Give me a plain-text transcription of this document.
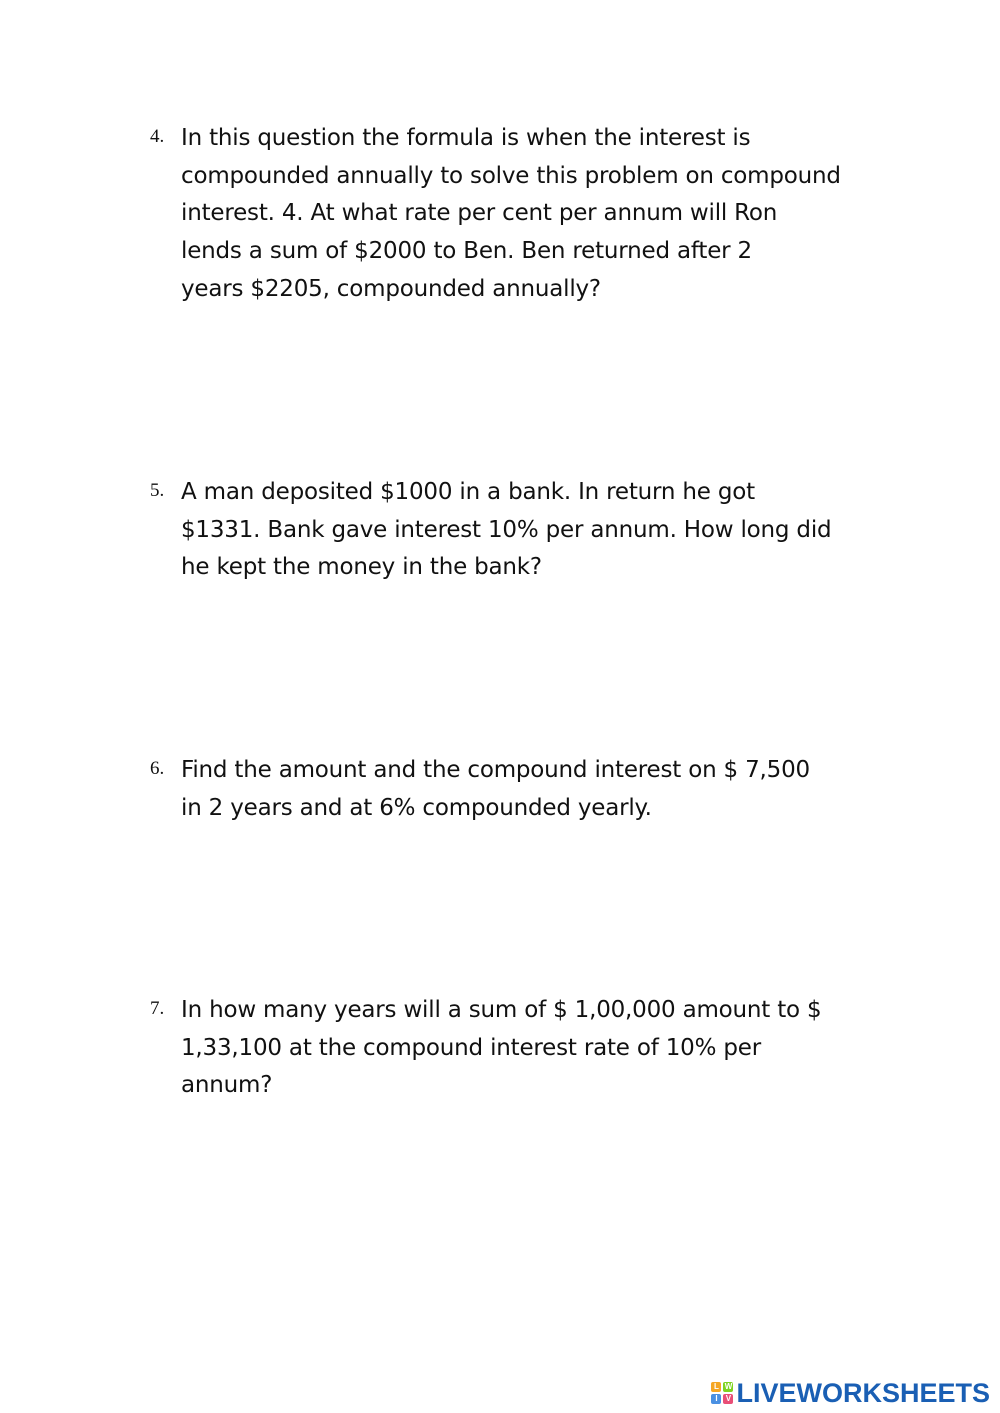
4. In this question the formula is when the interest is
compounded annually to solve this problem on compound
interest. 4. At what rate per cent per annum will Ron
lends a sum of $2000 to Ben. Ben returned after 2
years $2205, compounded annually?
5. A man deposited $1000 in a bank. In return he got
$1331. Bank gave interest 10% per annum. How long did
he kept the money in the bank?
6. Find the amount and the compound interest on $ 7,500
in 2 years and at 6% compounded yearly.
7. In how many years will a sum of $ 1,00,000 amount to $
1,33,100 at the compound interest rate of 10% per
annum?
L W
I	V LIVEWORKSHEETS
